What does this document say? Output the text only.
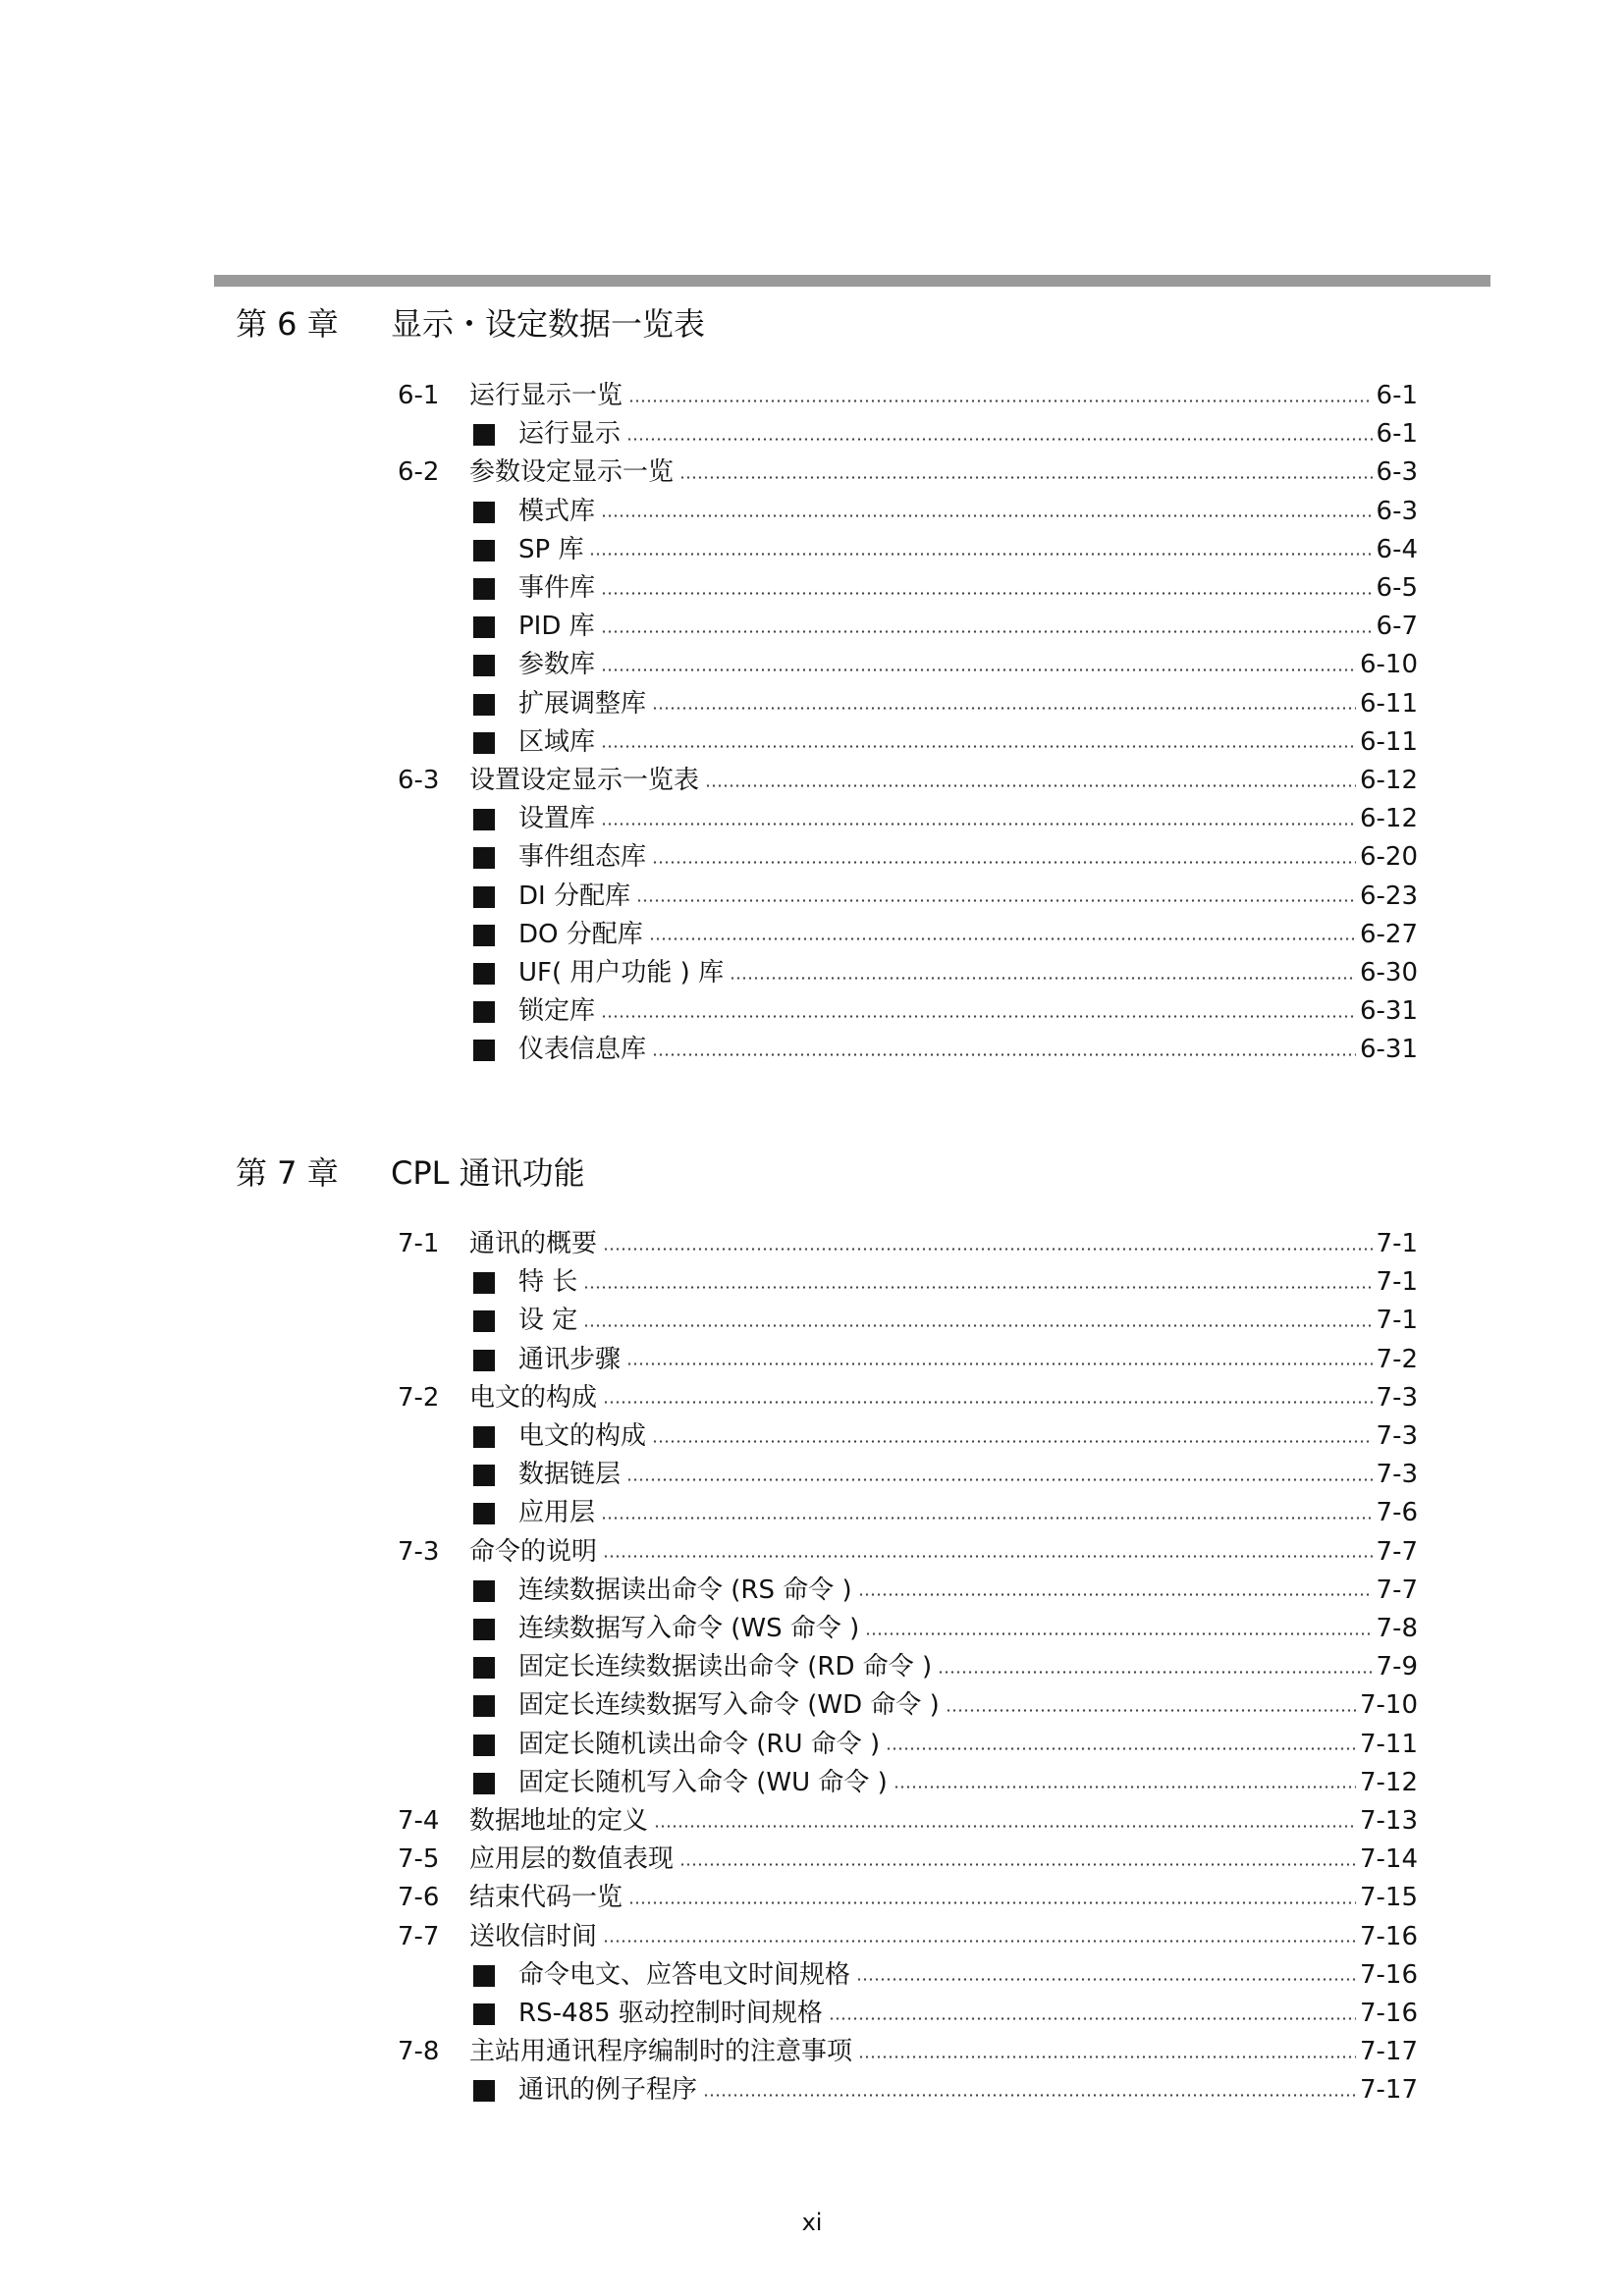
第 6 章 显示・设定数据一览表
6-1 运行显示一览	6-1
运行显示	6-1
6-2 参数设定显示一览	6-3
模式库	6-3
SP 库	6-4
事件库	6-5
PID 库	6-7
参数库	6-10
扩展调整库	6-11
区域库	6-11
6-3 设置设定显示一览表	6-12
设置库	6-12
事件组态库	6-20
DI 分配库	6-23
DO 分配库	6-27
UF( 用户功能 ) 库	6-30
锁定库	6-31
仪表信息库	6-31
第 7 章 CPL 通讯功能
7-1 通讯的概要	7-1
特 长	7-1
设 定	7-1
通讯步骤	7-2
7-2 电文的构成	7-3
电文的构成	7-3
数据链层	7-3
应用层	7-6
7-3 命令的说明	7-7
连续数据读出命令 (RS 命令 )	7-7
连续数据写入命令 (WS 命令 )	7-8
固定长连续数据读出命令 (RD 命令 )	7-9
固定长连续数据写入命令 (WD 命令 )	7-10
固定长随机读出命令 (RU 命令 )	7-11
固定长随机写入命令 (WU 命令 )	7-12
7-4 数据地址的定义	7-13
7-5 应用层的数值表现	7-14
7-6 结束代码一览	7-15
7-7 送收信时间	7-16
命令电文、应答电文时间规格	7-16
RS-485 驱动控制时间规格	7-16
7-8 主站用通讯程序编制时的注意事项	7-17
通讯的例子程序	7-17
xi
